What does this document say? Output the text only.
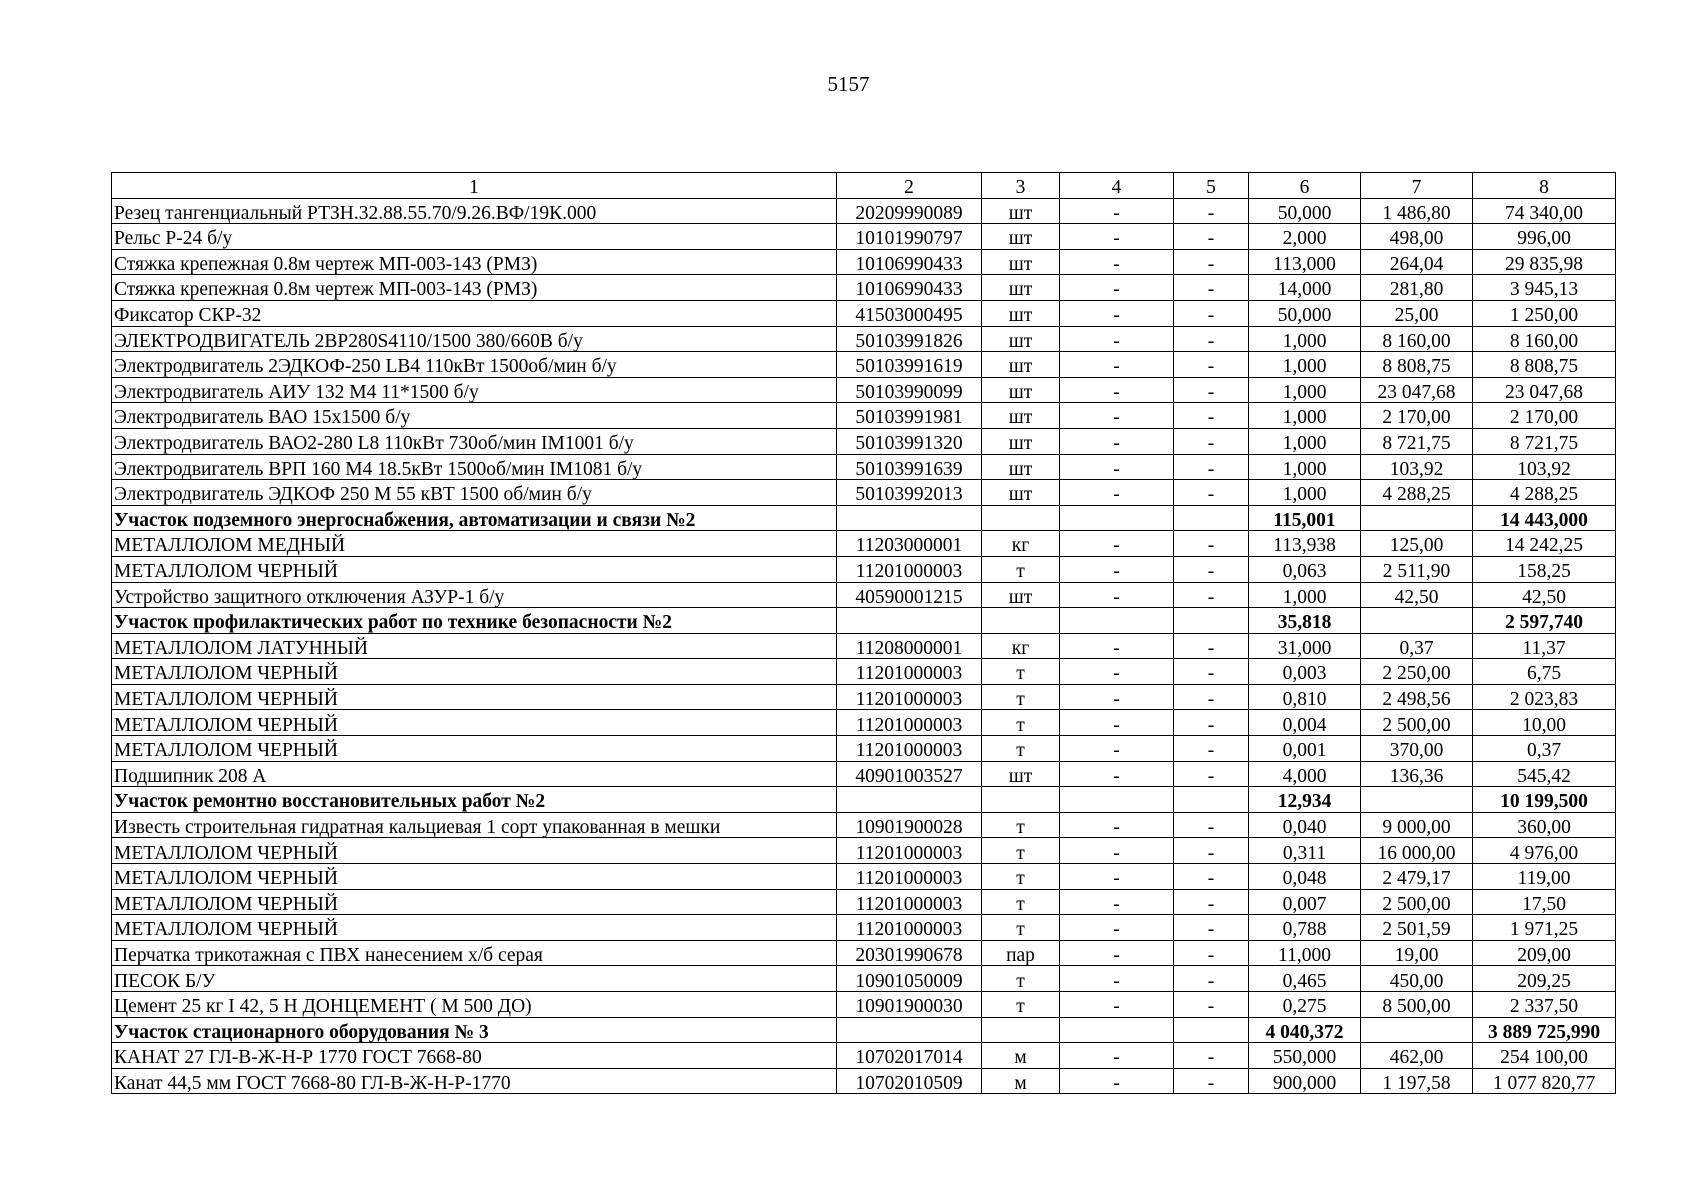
5157
1	2	3	4	5	6	7	8
Резец тангенциальный РТЗН.32.88.55.70/9.26.ВФ/19К.000	20209990089	шт	-	-	50,000	1 486,80	74 340,00
Рельс Р-24 б/у	10101990797	шт	-	-	2,000	498,00	996,00
Стяжка крепежная 0.8м чертеж МП-003-143 (РМЗ)	10106990433	шт	-	-	113,000	264,04	29 835,98
Стяжка крепежная 0.8м чертеж МП-003-143 (РМЗ)	10106990433	шт	-	-	14,000	281,80	3 945,13
Фиксатор СКР-32	41503000495	шт	-	-	50,000	25,00	1 250,00
ЭЛЕКТРОДВИГАТЕЛЬ 2ВР280S4110/1500 380/660В б/у	50103991826	шт	-	-	1,000	8 160,00	8 160,00
Электродвигатель 2ЭДКОФ-250 LB4 110кВт 1500об/мин б/у	50103991619	шт	-	-	1,000	8 808,75	8 808,75
Электродвигатель АИУ 132 М4 11*1500 б/у	50103990099	шт	-	-	1,000	23 047,68	23 047,68
Электродвигатель ВАО 15х1500 б/у	50103991981	шт	-	-	1,000	2 170,00	2 170,00
Электродвигатель ВАО2-280 L8 110кВт 730об/мин IM1001 б/у	50103991320	шт	-	-	1,000	8 721,75	8 721,75
Электродвигатель ВРП 160 М4 18.5кВт 1500об/мин IM1081 б/у	50103991639	шт	-	-	1,000	103,92	103,92
Электродвигатель ЭДКОФ 250 М 55 кВТ 1500 об/мин б/у	50103992013	шт	-	-	1,000	4 288,25	4 288,25
Участок подземного энергоснабжения, автоматизации и связи №2					115,001		14 443,000
МЕТАЛЛОЛОМ МЕДНЫЙ	11203000001	кг	-	-	113,938	125,00	14 242,25
МЕТАЛЛОЛОМ ЧЕРНЫЙ	11201000003	т	-	-	0,063	2 511,90	158,25
Устройство защитного отключения АЗУР-1 б/у	40590001215	шт	-	-	1,000	42,50	42,50
Участок профилактических работ по технике безопасности №2					35,818		2 597,740
МЕТАЛЛОЛОМ ЛАТУННЫЙ	11208000001	кг	-	-	31,000	0,37	11,37
МЕТАЛЛОЛОМ ЧЕРНЫЙ	11201000003	т	-	-	0,003	2 250,00	6,75
МЕТАЛЛОЛОМ ЧЕРНЫЙ	11201000003	т	-	-	0,810	2 498,56	2 023,83
МЕТАЛЛОЛОМ ЧЕРНЫЙ	11201000003	т	-	-	0,004	2 500,00	10,00
МЕТАЛЛОЛОМ ЧЕРНЫЙ	11201000003	т	-	-	0,001	370,00	0,37
Подшипник 208 А	40901003527	шт	-	-	4,000	136,36	545,42
Участок ремонтно восстановительных работ №2					12,934		10 199,500
Известь строительная гидратная кальциевая 1 сорт упакованная в мешки	10901900028	т	-	-	0,040	9 000,00	360,00
МЕТАЛЛОЛОМ ЧЕРНЫЙ	11201000003	т	-	-	0,311	16 000,00	4 976,00
МЕТАЛЛОЛОМ ЧЕРНЫЙ	11201000003	т	-	-	0,048	2 479,17	119,00
МЕТАЛЛОЛОМ ЧЕРНЫЙ	11201000003	т	-	-	0,007	2 500,00	17,50
МЕТАЛЛОЛОМ ЧЕРНЫЙ	11201000003	т	-	-	0,788	2 501,59	1 971,25
Перчатка трикотажная с ПВХ нанесением х/б серая	20301990678	пар	-	-	11,000	19,00	209,00
ПЕСОК Б/У	10901050009	т	-	-	0,465	450,00	209,25
Цемент 25 кг I 42, 5 Н ДОНЦЕМЕНТ ( М 500 ДО)	10901900030	т	-	-	0,275	8 500,00	2 337,50
Участок стационарного оборудования № 3					4 040,372		3 889 725,990
КАНАТ 27 ГЛ-В-Ж-Н-Р 1770 ГОСТ 7668-80	10702017014	м	-	-	550,000	462,00	254 100,00
Канат 44,5 мм ГОСТ 7668-80 ГЛ-В-Ж-Н-Р-1770	10702010509	м	-	-	900,000	1 197,58	1 077 820,77
